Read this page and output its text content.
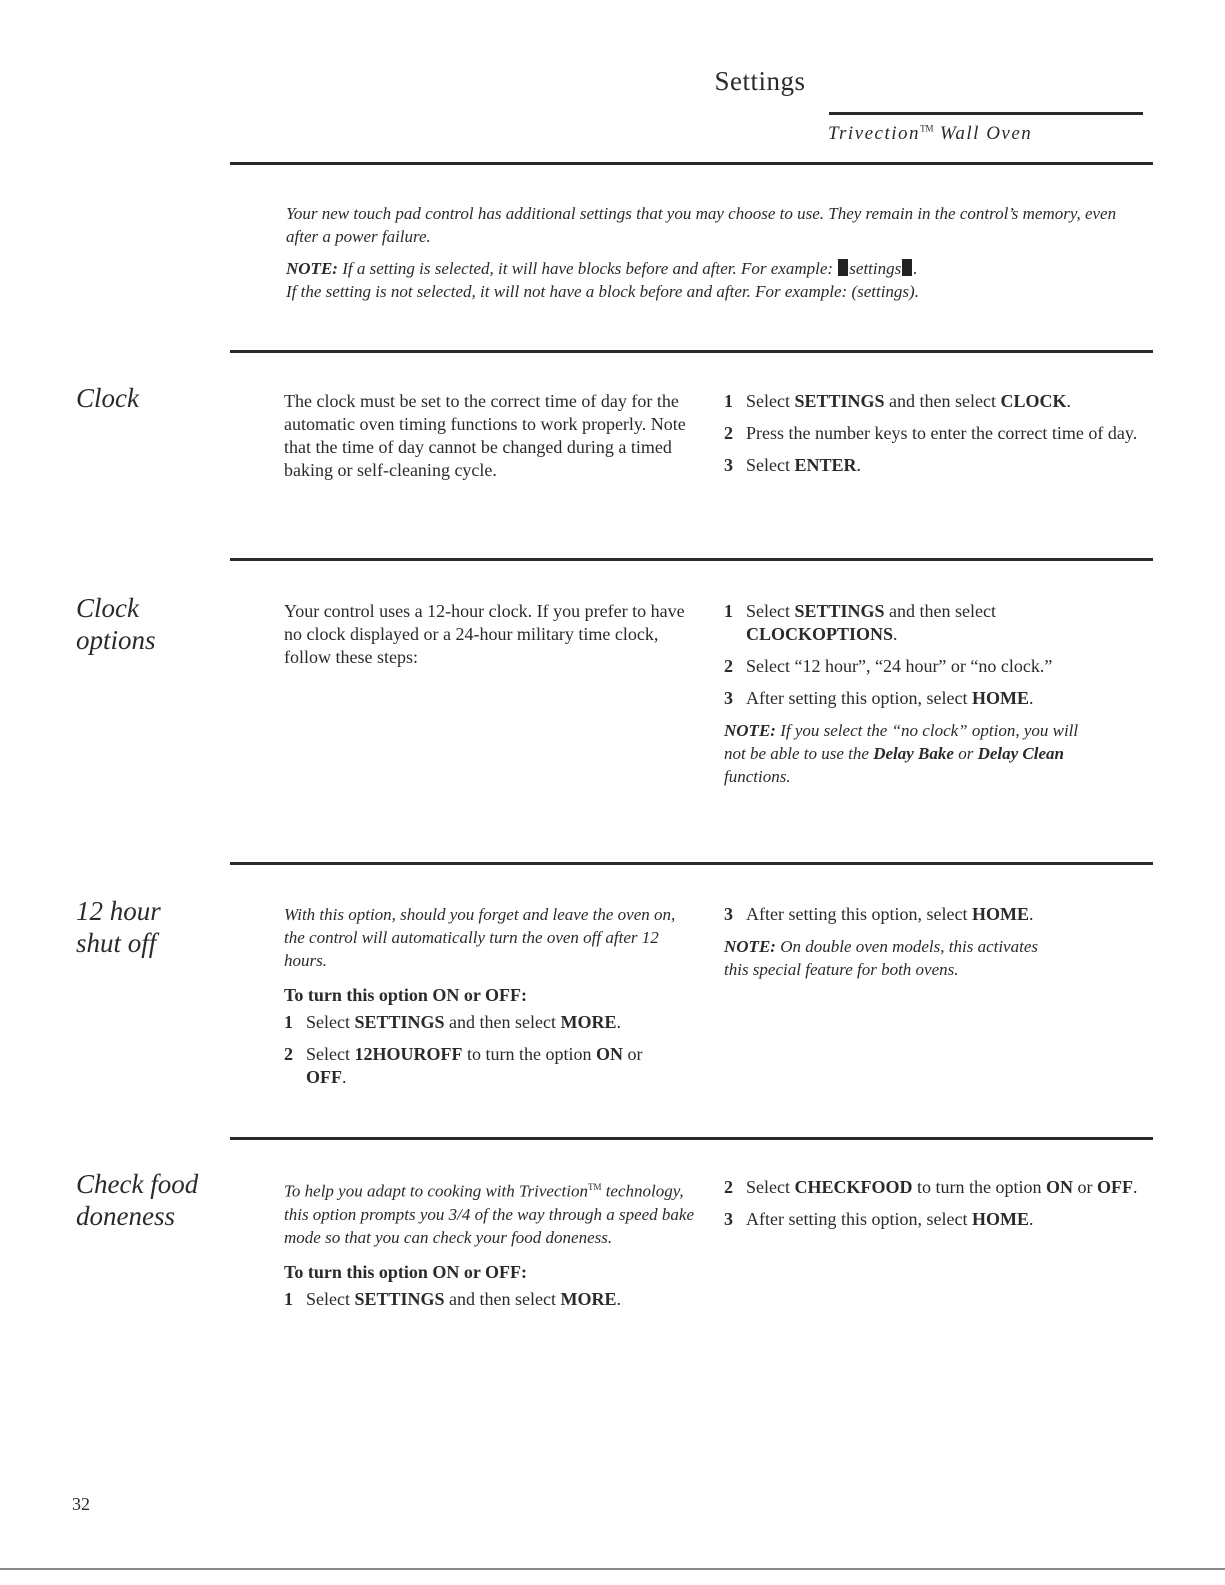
Settings
Trivection™ Wall Oven

Your new touch pad control has additional settings that you may choose to use. They remain in the control’s memory, even after a power failure.

NOTE: If a setting is selected, it will have blocks before and after. For example: settings .

If the setting is not selected, it will not have a block before and after. For example: (settings).

Clock	The clock must be set to the correct time of day for the automatic oven timing functions to work properly. Note that the time of day cannot be changed during a timed baking or self-cleaning cycle.

1 Select SETTINGS and then select CLOCK.
2 Press the number keys to enter the correct time of day.
3 Select ENTER.
Clock
options

Your control uses a 12-hour clock. If you prefer to have no clock displayed or a 24-hour military time clock, follow these steps:

1 Select SETTINGS and then select CLOCKOPTIONS.
2 Select “12 hour”, “24 hour” or “no clock.”
3 After setting this option, select HOME.

NOTE: If you select the “no clock” option, you will not be able to use the Delay Bake or Delay Clean functions.

12 hour
shut off

With this option, should you forget and leave the oven on, the control will automatically turn the oven off after 12 hours.

To turn this option ON or OFF:
1 Select SETTINGS and then select MORE.
2 Select 12HOUROFF to turn the option ON or OFF.
3 After setting this option, select HOME.

NOTE: On double oven models, this activates this special feature for both ovens.

Check food
doneness

To help you adapt to cooking with Trivection™ technology, this option prompts you 3/4 of the way through a speed bake mode so that you can check your food doneness.

To turn this option ON or OFF:
1 Select SETTINGS and then select MORE.
2 Select CHECKFOOD to turn the option ON or OFF.
3 After setting this option, select HOME.
32
